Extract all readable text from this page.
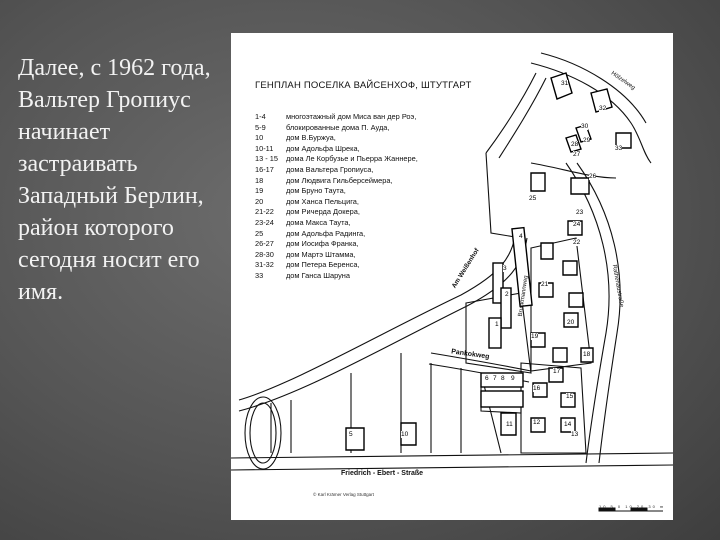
Далее, с 1962 года, Вальтер Гропиус начинает застраивать Западный Берлин, район которого сегодня носит его имя.
ГЕНПЛАН ПОСЕЛКА ВАЙСЕНХОФ, ШТУТГАРТ
1-4	многоэтажный дом Миса ван дер Роэ,
5-9	блокированные дома П. Ауда,
10	дом В.Буржуа,
10-11	дом Адольфа Шрека,
13 - 15	дома Ле Корбузье и Пьерра Жаннере,
16-17	дома Вальтера Гропиуса,
18	дом Людвига Гильберсеймера,
19	дом Бруно Таута,
20	дом Ханса Пельцига,
21-22	дом Ричерда Докера,
23-24	дома Макса Таута,
25	дом Адольфа Радинга,
26-27	дом Иосифа Франка,
28-30	дом Мартэ Штамма,
31-32	дом Петера Беренса,
33	дом Ганса Шаруна
Hölzelweg
Am Weißenhof
Bruckmannweg	Rathenaustraße
Pankokweg
Friedrich - Ebert - Straße
31
32
30
33
29
28
27
26
25
24
23
22
21
4
3
2
1	20
19
18
17
16
15
14
13
12
11
10
5
6 7 8 9
© Karl Krämer Verlag Stuttgart
10 5 0 10 20 30 m
